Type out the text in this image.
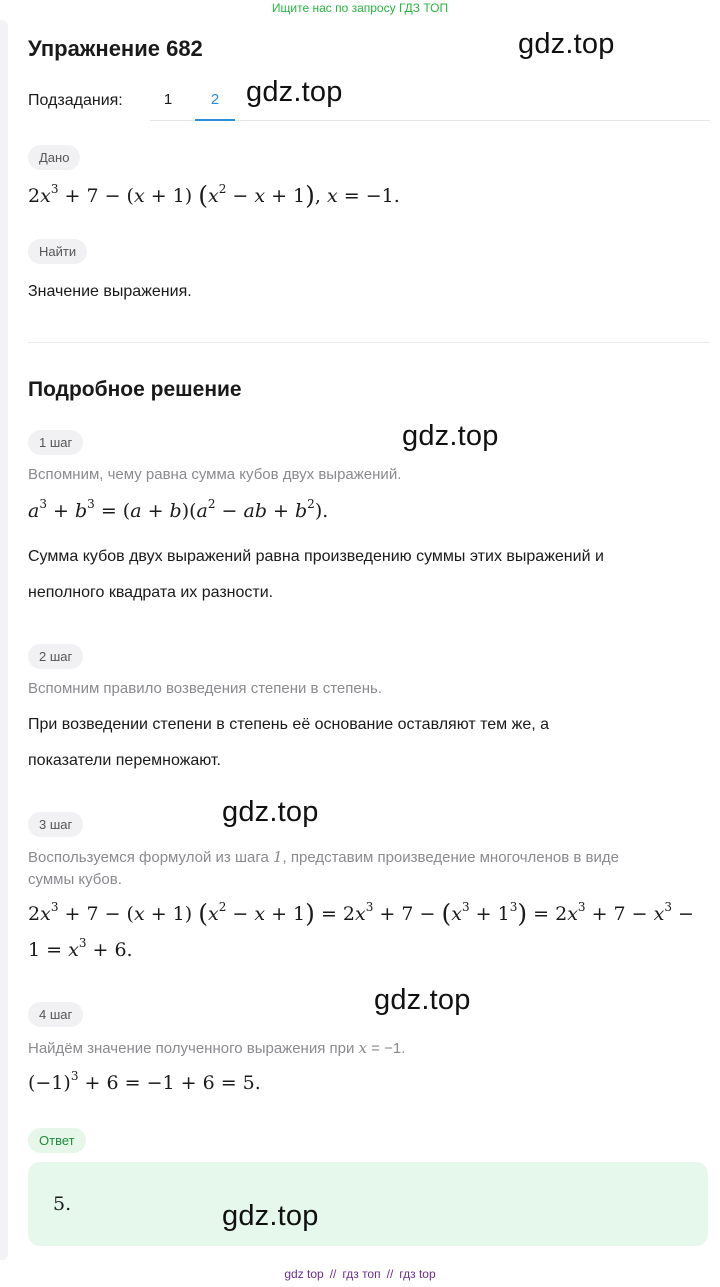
Ищите нас по запросу ГДЗ ТОП
Упражнение 682	gdz.top
Подзадания:	1	2 gdz.top
Дано
$2x^3 + 7 - (x + 1) (x^2 - x + 1)$, x = −1.
Найти
Значение выражения.
Подробное решение
1 шаг	gdz.top
Вспомним, чему равна сумма кубов двух выражений.
$a^3 + b^3 = (a + b)(a^2$ − ab + $b^2$).
Сумма кубов двух выражений равна произведению суммы этих выражений и
неполного квадрата их разности.
2 шаг
Вспомним правило возведения степени в степень.
При возведении степени в степень её основание оставляют тем же, а
показатели перемножают.
gdz.top
3 шаг
Воспользуемся формулой из шага 1, представим произведение многочленов в виде
суммы кубов.
$2x^3 + 7 - (x + 1) (x^2 - x + 1) = 2x^3 + 7 - (x^3 + 1^3) = 2x^3 + 7 - x^3$ −
$1 = x^3 + 6$.
gdz.top
4 шаг
Найдём значение полученного выражения при x = −1.
$(-1)^3 + 6 = -1 + 6 = 5$.
Ответ
5.	gdz.top
gdz top // гдз топ // гдз top
